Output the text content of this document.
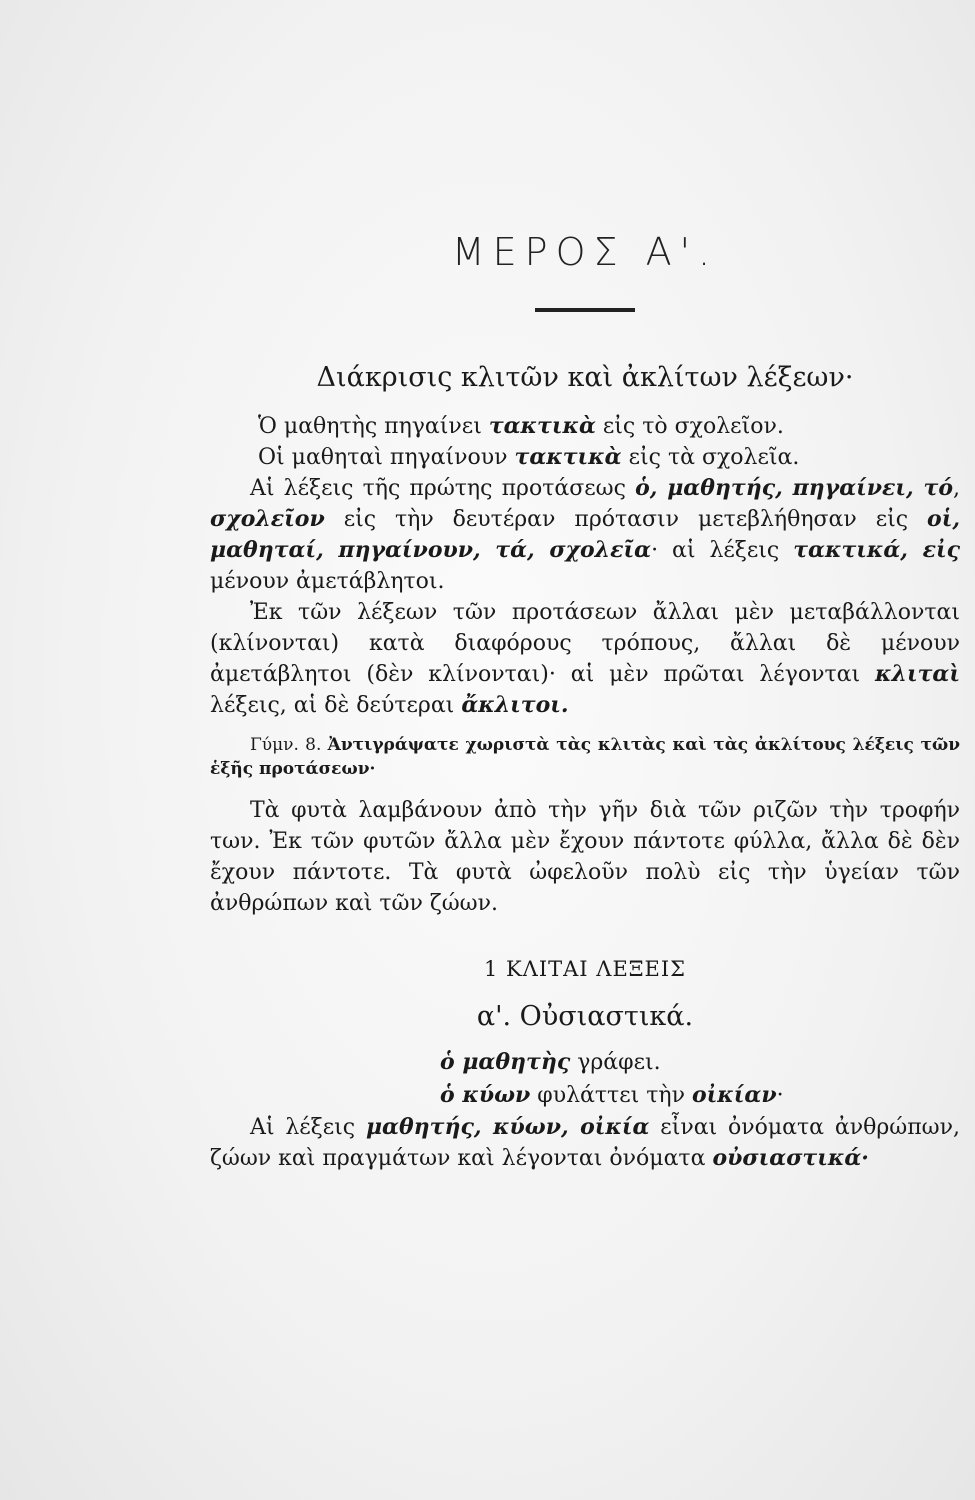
ΜΕΡΟΣ Α'.
Διάκρισις κλιτῶν καὶ ἀκλίτων λέξεων·

Ὁ μαθητὴς πηγαίνει τακτικὰ εἰς τὸ σχολεῖον.

Οἱ μαθηταὶ πηγαίνουν τακτικὰ εἰς τὰ σχολεῖα.

Αἱ λέξεις τῆς πρώτης προτάσεως ὁ, μαθητής, πηγαίνει, τό, σχολεῖον εἰς τὴν δευτέραν πρότασιν μετεβλήθησαν εἰς οἱ, μαθηταί, πηγαίνουν, τά, σχολεῖα· αἱ λέξεις τακτικά, εἰς μένουν ἀμετάβλητοι.

Ἐκ τῶν λέξεων τῶν προτάσεων ἄλλαι μὲν μεταβάλλονται (κλίνονται) κατὰ διαφόρους τρόπους, ἄλλαι δὲ μένουν ἀμετάβλητοι (δὲν κλίνονται)· αἱ μὲν πρῶται λέγονται κλιταὶ λέξεις, αἱ δὲ δεύτεραι ἄκλιτοι.

Γύμν. 8. Ἀντιγράψατε χωριστὰ τὰς κλιτὰς καὶ τὰς ἀκλίτους λέξεις τῶν ἑξῆς προτάσεων·

Τὰ φυτὰ λαμβάνουν ἀπὸ τὴν γῆν διὰ τῶν ριζῶν τὴν τροφήν των. Ἐκ τῶν φυτῶν ἄλλα μὲν ἔχουν πάντοτε φύλλα, ἄλλα δὲ δὲν ἔχουν πάντοτε. Τὰ φυτὰ ὠφελοῦν πολὺ εἰς τὴν ὑγείαν τῶν ἀνθρώπων καὶ τῶν ζώων.

1 ΚΛΙΤΑΙ ΛΕΞΕΙΣ
α'. Οὐσιαστικά.
ὁ μαθητὴς γράφει.
ὁ κύων φυλάττει τὴν οἰκίαν·

Αἱ λέξεις μαθητής, κύων, οἰκία εἶναι ὀνόματα ἀνθρώπων, ζώων καὶ πραγμάτων καὶ λέγονται ὀνόματα οὐσιαστικά·
